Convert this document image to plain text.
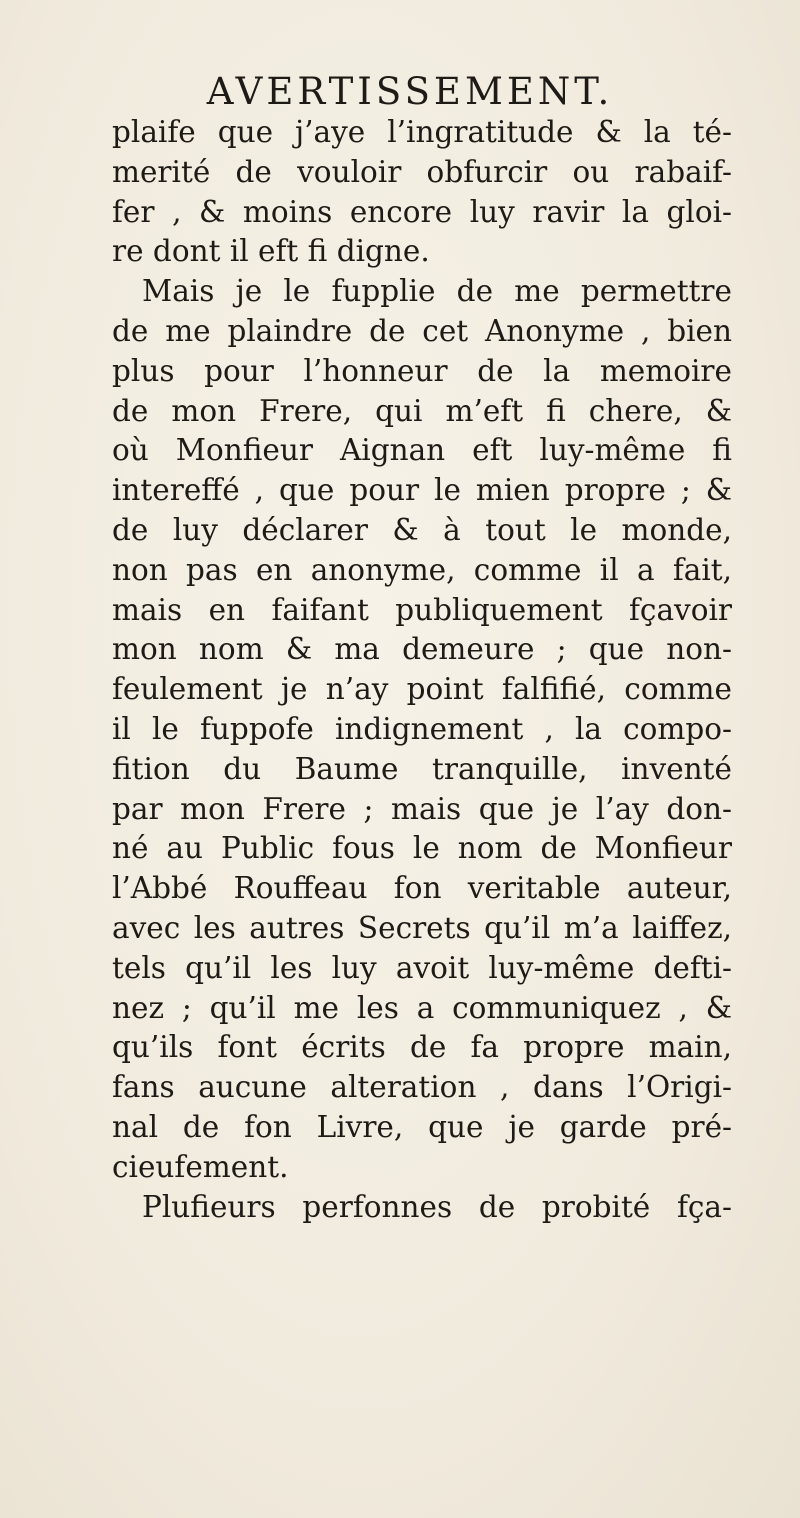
AVERTISSEMENT.
plaife que j’aye l’ingratitude & la té-
merité de vouloir obfurcir ou rabaif-
fer , & moins encore luy ravir la gloi-
re dont il eft fi digne.
Mais je le fupplie de me permettre
de me plaindre de cet Anonyme , bien
plus pour l’honneur de la memoire
de mon Frere, qui m’eft fi chere, &
où Monfieur Aignan eft luy-même fi
intereffé , que pour le mien propre ; &
de luy déclarer & à tout le monde,
non pas en anonyme, comme il a fait,
mais en faifant publiquement fçavoir
mon nom & ma demeure ; que non-
feulement je n’ay point falfifié, comme
il le fuppofe indignement , la compo-
fition du Baume tranquille, inventé
par mon Frere ; mais que je l’ay don-
né au Public fous le nom de Monfieur
l’Abbé Rouffeau fon veritable auteur,
avec les autres Secrets qu’il m’a laiffez,
tels qu’il les luy avoit luy-même defti-
nez ; qu’il me les a communiquez , &
qu’ils font écrits de fa propre main,
fans aucune alteration , dans l’Origi-
nal de fon Livre, que je garde pré-
cieufement.
Plufieurs perfonnes de probité fça-
